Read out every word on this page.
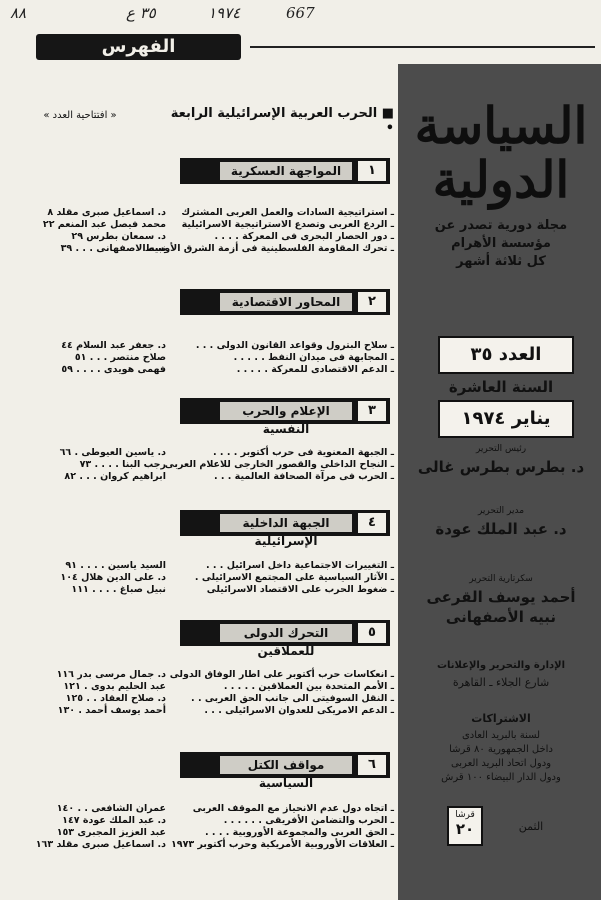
٨٨	٣٥ ع	١٩٧٤	667
الفهرس
السياسة
الدولية
مجلة دورية تصدر عن
مؤسسة الأهرام
كل ثلاثة أشهر
العدد ٣٥
السنة العاشرة
يناير ١٩٧٤
رئيس التحرير
د. بطرس بطرس غالى
مدير التحرير
د. عبد الملك عودة
سكرتارية التحرير
أحمد يوسف القرعى
نبيه الأصفهانى
الإدارة والتحرير والإعلانات
شارع الجلاء ـ القاهرة
الاشتراكات
لسنة بالبريد العادى
داخل الجمهورية ٨٠ قرشا
ودول اتحاد البريد العربى
ودول الدار البيضاء ١٠٠ قرش
قرشا
٢٠	الثمن
■ الحرب العربية الإسرائيلية الرابعة •
« افتتاحية العدد »
المواجهة العسكرية	١
ـ استراتيجية السادات والعمل العربى المشترك
د. اسماعيل صبرى مقلد ٨
ـ الردع العربى وتصدع الاستراتيجية الاسرائيلية
محمد فيصل عبد المنعم ٢٢
ـ دور الحصار البحرى فى المعركة . . . .
د. سمعان بطرس ٢٩
ـ تحرك المقاومة الفلسطينية فى أزمة الشرق الأوسط
نبيه الاصفهانى . . . ٣٩
المحاور الاقتصادية	٢
ـ سلاح البترول وقواعد القانون الدولى . . .
د. جعفر عبد السلام ٤٤
ـ المجابهة فى ميدان النفط . . . . .
صلاح منتصر . . . ٥١
ـ الدعم الاقتصادى للمعركة . . . . .
فهمى هويدى . . . . ٥٩
الإعلام والحرب النفسية
٣
ـ الجبهة المعنوية فى حرب أكتوبر . . . .
د. ياسين العيوطى . ٦٦
ـ النجاح الداخلى والقصور الخارجى للاعلام العربى
رجب البنا . . . . ٧٣
ـ الحرب فى مرآة الصحافة العالمية . . .
ابراهيم كروان . . . ٨٢
الجبهة الداخلية الإسرائيلية
٤
ـ التغييرات الاجتماعية داخل اسرائيل . . .
السيد ياسين . . . . ٩١
ـ الآثار السياسية على المجتمع الاسرائيلى .
د. على الدين هلال ١٠٤
ـ ضغوط الحرب على الاقتصاد الاسرائيلى
نبيل صباغ . . . . ١١١
التحرك الدولى للعملاقين
٥
ـ انعكاسات حرب أكتوبر على اطار الوفاق الدولى
د. جمال مرسى بدر ١١٦
ـ الأمم المتحدة بين العملاقين . . . . .
عبد الحليم بدوى . ١٢١
ـ النقل السوفيتى الى جانب الحق العربى . .
د. صلاح العقاد . . ١٢٥
ـ الدعم الامريكى للعدوان الاسرائيلى . . .
أحمد يوسف أحمد . ١٣٠
مواقف الكتل السياسية
٦
ـ اتجاه دول عدم الانحياز مع الموقف العربى
عمران الشافعى . . ١٤٠
ـ الحرب والتضامن الأفريقى . . . . . .
د. عبد الملك عودة ١٤٧
ـ الحق العربى والمجموعة الأوروبية . . . .
عبد العزيز المجبرى ١٥٣
ـ العلاقات الأوروبية الأمريكية وحرب أكتوبر ١٩٧٣
د. اسماعيل صبرى مقلد ١٦٣
